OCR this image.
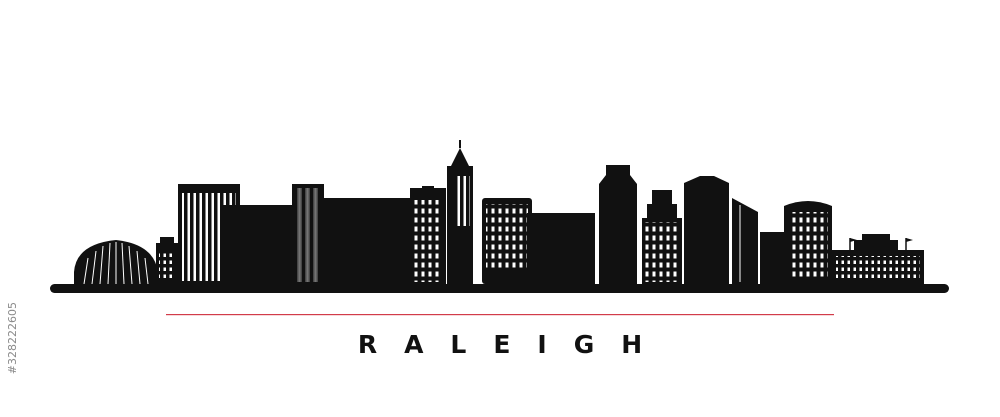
RALEIGH
#328222605
